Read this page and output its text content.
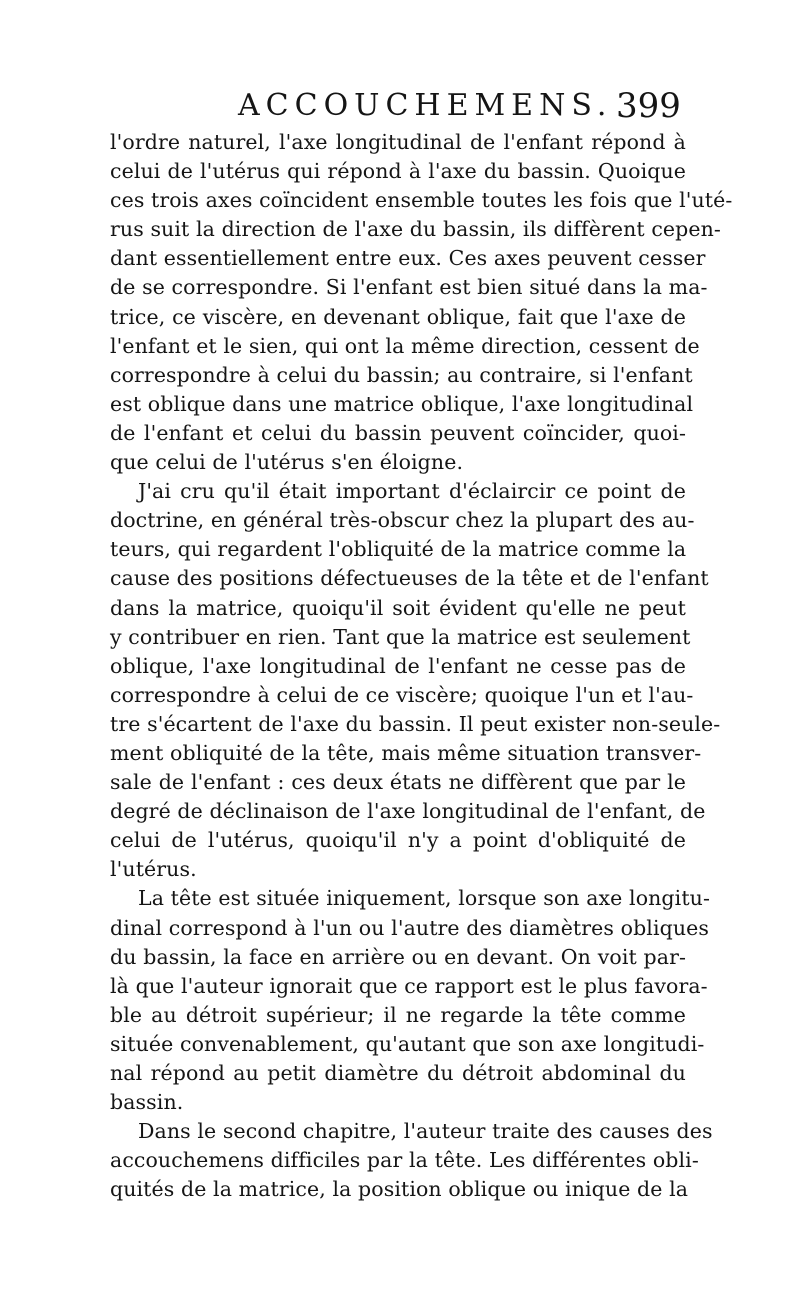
ACCOUCHEMENS. 399
l'ordre naturel, l'axe longitudinal de l'enfant répond à
celui de l'utérus qui répond à l'axe du bassin. Quoique
ces trois axes coïncident ensemble toutes les fois que l'uté-
rus suit la direction de l'axe du bassin, ils diffèrent cepen-
dant essentiellement entre eux. Ces axes peuvent cesser
de se correspondre. Si l'enfant est bien situé dans la ma-
trice, ce viscère, en devenant oblique, fait que l'axe de
l'enfant et le sien, qui ont la même direction, cessent de
correspondre à celui du bassin; au contraire, si l'enfant
est oblique dans une matrice oblique, l'axe longitudinal
de l'enfant et celui du bassin peuvent coïncider, quoi-
que celui de l'utérus s'en éloigne.
J'ai cru qu'il était important d'éclaircir ce point de
doctrine, en général très-obscur chez la plupart des au-
teurs, qui regardent l'obliquité de la matrice comme la
cause des positions défectueuses de la tête et de l'enfant
dans la matrice, quoiqu'il soit évident qu'elle ne peut
y contribuer en rien. Tant que la matrice est seulement
oblique, l'axe longitudinal de l'enfant ne cesse pas de
correspondre à celui de ce viscère; quoique l'un et l'au-
tre s'écartent de l'axe du bassin. Il peut exister non-seule-
ment obliquité de la tête, mais même situation transver-
sale de l'enfant : ces deux états ne diffèrent que par le
degré de déclinaison de l'axe longitudinal de l'enfant, de
celui de l'utérus, quoiqu'il n'y a point d'obliquité de
l'utérus.
La tête est située iniquement, lorsque son axe longitu-
dinal correspond à l'un ou l'autre des diamètres obliques
du bassin, la face en arrière ou en devant. On voit par-
là que l'auteur ignorait que ce rapport est le plus favora-
ble au détroit supérieur; il ne regarde la tête comme
située convenablement, qu'autant que son axe longitudi-
nal répond au petit diamètre du détroit abdominal du
bassin.
Dans le second chapitre, l'auteur traite des causes des
accouchemens difficiles par la tête. Les différentes obli-
quités de la matrice, la position oblique ou inique de la
